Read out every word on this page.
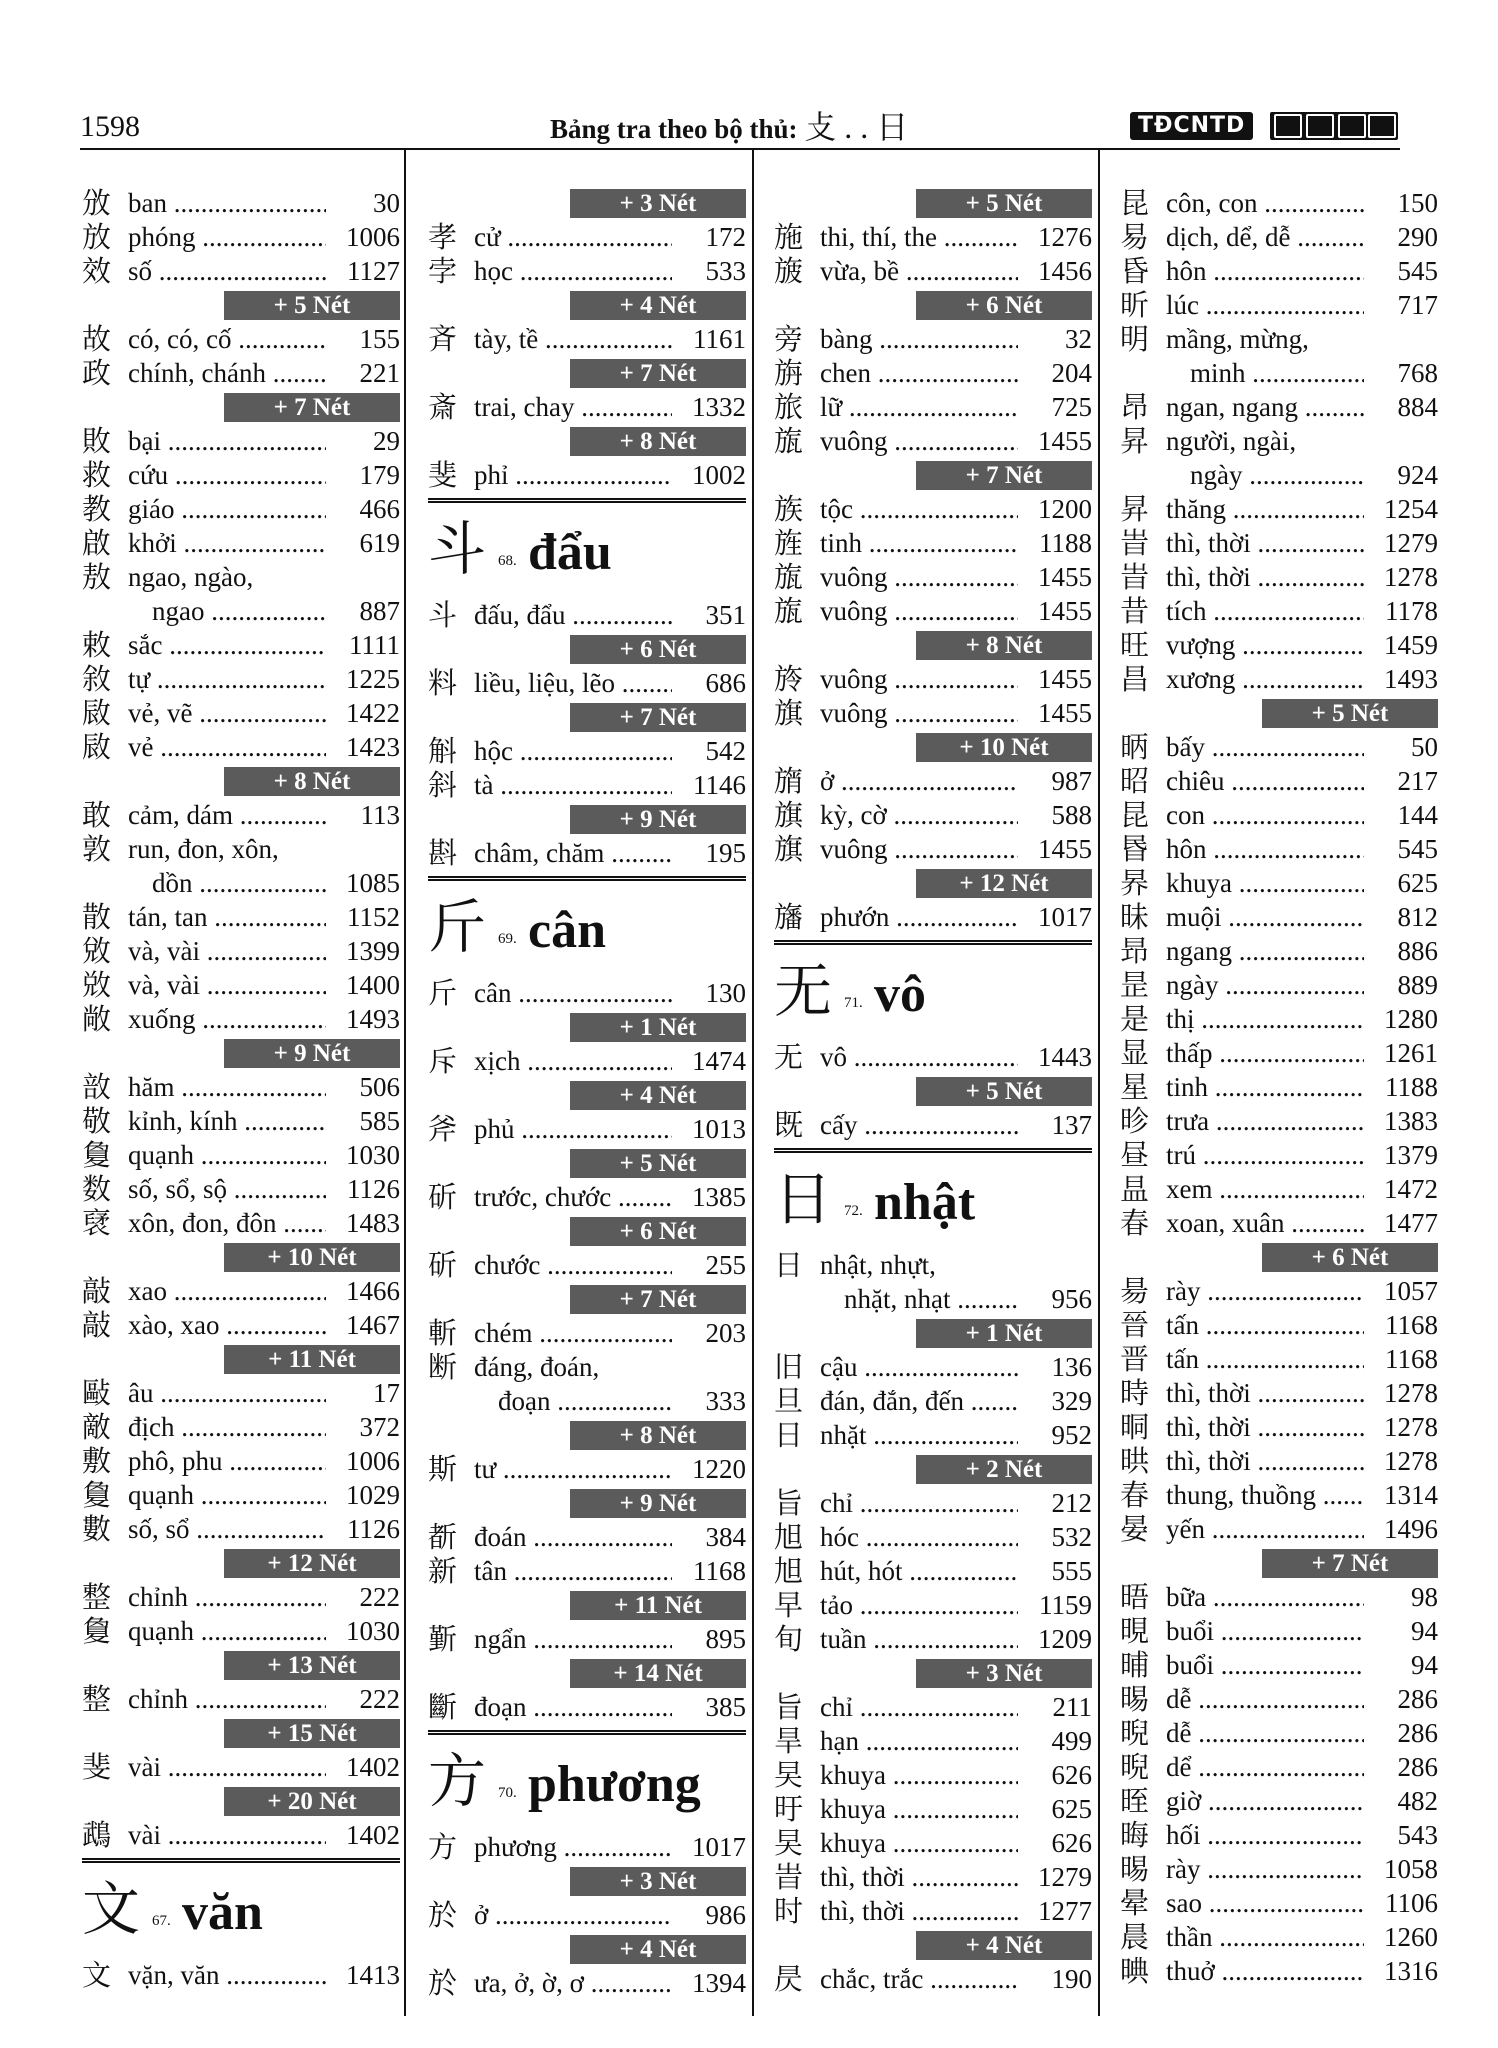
1598	Bảng tra theo bộ thủ: 攴 . . 日	TĐCNTD
攽 ban .....	30
放 phóng .....	1006
效 số .....	1127
+ 5 Nét
故 có, có, cố .....	155
政 chính, chánh .....	221
+ 7 Nét
敗 bại .....	29
救 cứu .....	179
教 giáo .....	466
啟 khởi .....	619
敖 ngao, ngào,
ngao .....	887
敕 sắc .....	1111
敘 tự .....	1225
敐 vẻ, vẽ .....	1422
敐 vẻ .....	1423
+ 8 Nét
敢 cảm, dám .....	113
敦 run, đon, xôn,
dồn .....	1085
散 tán, tan .....	1152
敓 và, vài .....	1399
敚 và, vài .....	1400
敞 xuống .....	1493
+ 9 Nét
敨 hăm .....	506
敬 kỉnh, kính .....	585
敻 quạnh .....	1030
数 số, sổ, sộ .....	1126
裦 xôn, đon, đôn .....	1483
+ 10 Nét
敲 xao .....	1466
敲 xào, xao .....	1467
+ 11 Nét
敺 âu .....	17
敵 địch .....	372
敷 phô, phu .....	1006
敻 quạnh .....	1029
數 số, sổ .....	1126
+ 12 Nét
整 chỉnh .....	222
敻 quạnh .....	1030
+ 13 Nét
整 chỉnh .....	222
+ 15 Nét
斐 vài .....	1402
+ 20 Nét
鵡 vài .....	1402
文 67. văn
文 vặn, văn .....	1413
+ 3 Nét
孝 cử .....	172
孛 học .....	533
+ 4 Nét
斉 tày, tề .....	1161
+ 7 Nét
斎 trai, chay .....	1332
+ 8 Nét
斐 phỉ .....	1002
斗 68. đẩu
斗 đấu, đẩu .....	351
+ 6 Nét
料 liều, liệu, lẽo .....	686
+ 7 Nét
斛 hộc .....	542
斜 tà .....	1146
+ 9 Nét
斟 châm, chăm .....	195
斤 69. cân
斤 cân .....	130
+ 1 Nét
斥 xịch .....	1474
+ 4 Nét
斧 phủ .....	1013
+ 5 Nét
斫 trước, chước .....	1385
+ 6 Nét
斫 chước .....	255
+ 7 Nét
斬 chém .....	203
断 đáng, đoán,
đoạn .....	333
+ 8 Nét
斯 tư .....	1220
+ 9 Nét
斱 đoán .....	384
新 tân .....	1168
+ 11 Nét
斳 ngẩn .....	895
+ 14 Nét
斷 đoạn .....	385
方 70. phương
方 phương .....	1017
+ 3 Nét
於 ở .....	986
+ 4 Nét
於 ưa, ở, ờ, ơ .....	1394
+ 5 Nét
施 thi, thí, the .....	1276
旇 vừa, bề .....	1456
+ 6 Nét
旁 bàng .....	32
旃 chen .....	204
旅 lữ .....	725
旊 vuông .....	1455
+ 7 Nét
族 tộc .....	1200
旌 tinh .....	1188
旊 vuông .....	1455
旊 vuông .....	1455
+ 8 Nét
旍 vuông .....	1455
旗 vuông .....	1455
+ 10 Nét
旓 ở .....	987
旗 kỳ, cờ .....	588
旗 vuông .....	1455
+ 12 Nét
旛 phướn .....	1017
无 71. vô
无 vô .....	1443
+ 5 Nét
既 cấy .....	137
日 72. nhật
日 nhật, nhựt,
nhặt, nhạt .....	956
+ 1 Nét
旧 cậu .....	136
旦 đán, đắn, đến .....	329
日 nhặt .....	952
+ 2 Nét
旨 chỉ .....	212
旭 hóc .....	532
旭 hút, hót .....	555
早 tảo .....	1159
旬 tuần .....	1209
+ 3 Nét
旨 chỉ .....	211
旱 hạn .....	499
旲 khuya .....	626
旴 khuya .....	625
旲 khuya .....	626
旹 thì, thời .....	1279
时 thì, thời .....	1277
+ 4 Nét
昃 chắc, trắc .....	190
昆 côn, con .....	150
易 dịch, dể, dễ .....	290
昏 hôn .....	545
昕 lúc .....	717
明 mầng, mừng,
minh .....	768
昂 ngan, ngang .....	884
昇 người, ngài,
ngày .....	924
昇 thăng .....	1254
旹 thì, thời .....	1279
旹 thì, thời .....	1278
昔 tích .....	1178
旺 vượng .....	1459
昌 xương .....	1493
+ 5 Nét
昞 bấy .....	50
昭 chiêu .....	217
昆 con .....	144
昬 hôn .....	545
昦 khuya .....	625
昧 muội .....	812
昻 ngang .....	886
昰 ngày .....	889
是 thị .....	1280
显 thấp .....	1261
星 tinh .....	1188
昣 trưa .....	1383
昼 trú .....	1379
昷 xem .....	1472
春 xoan, xuân .....	1477
+ 6 Nét
昜 rày .....	1057
晉 tấn .....	1168
晋 tấn .....	1168
時 thì, thời .....	1278
晍 thì, thời .....	1278
晎 thì, thời .....	1278
春 thung, thuồng .....	1314
晏 yến .....	1496
+ 7 Nét
晤 bữa .....	98
晛 buổi .....	94
晡 buổi .....	94
晹 dễ .....	286
晲 dễ .....	286
晲 dể .....	286
晊 giờ .....	482
晦 hối .....	543
晹 rày .....	1058
晕 sao .....	1106
晨 thần .....	1260
晪 thuở .....	1316
